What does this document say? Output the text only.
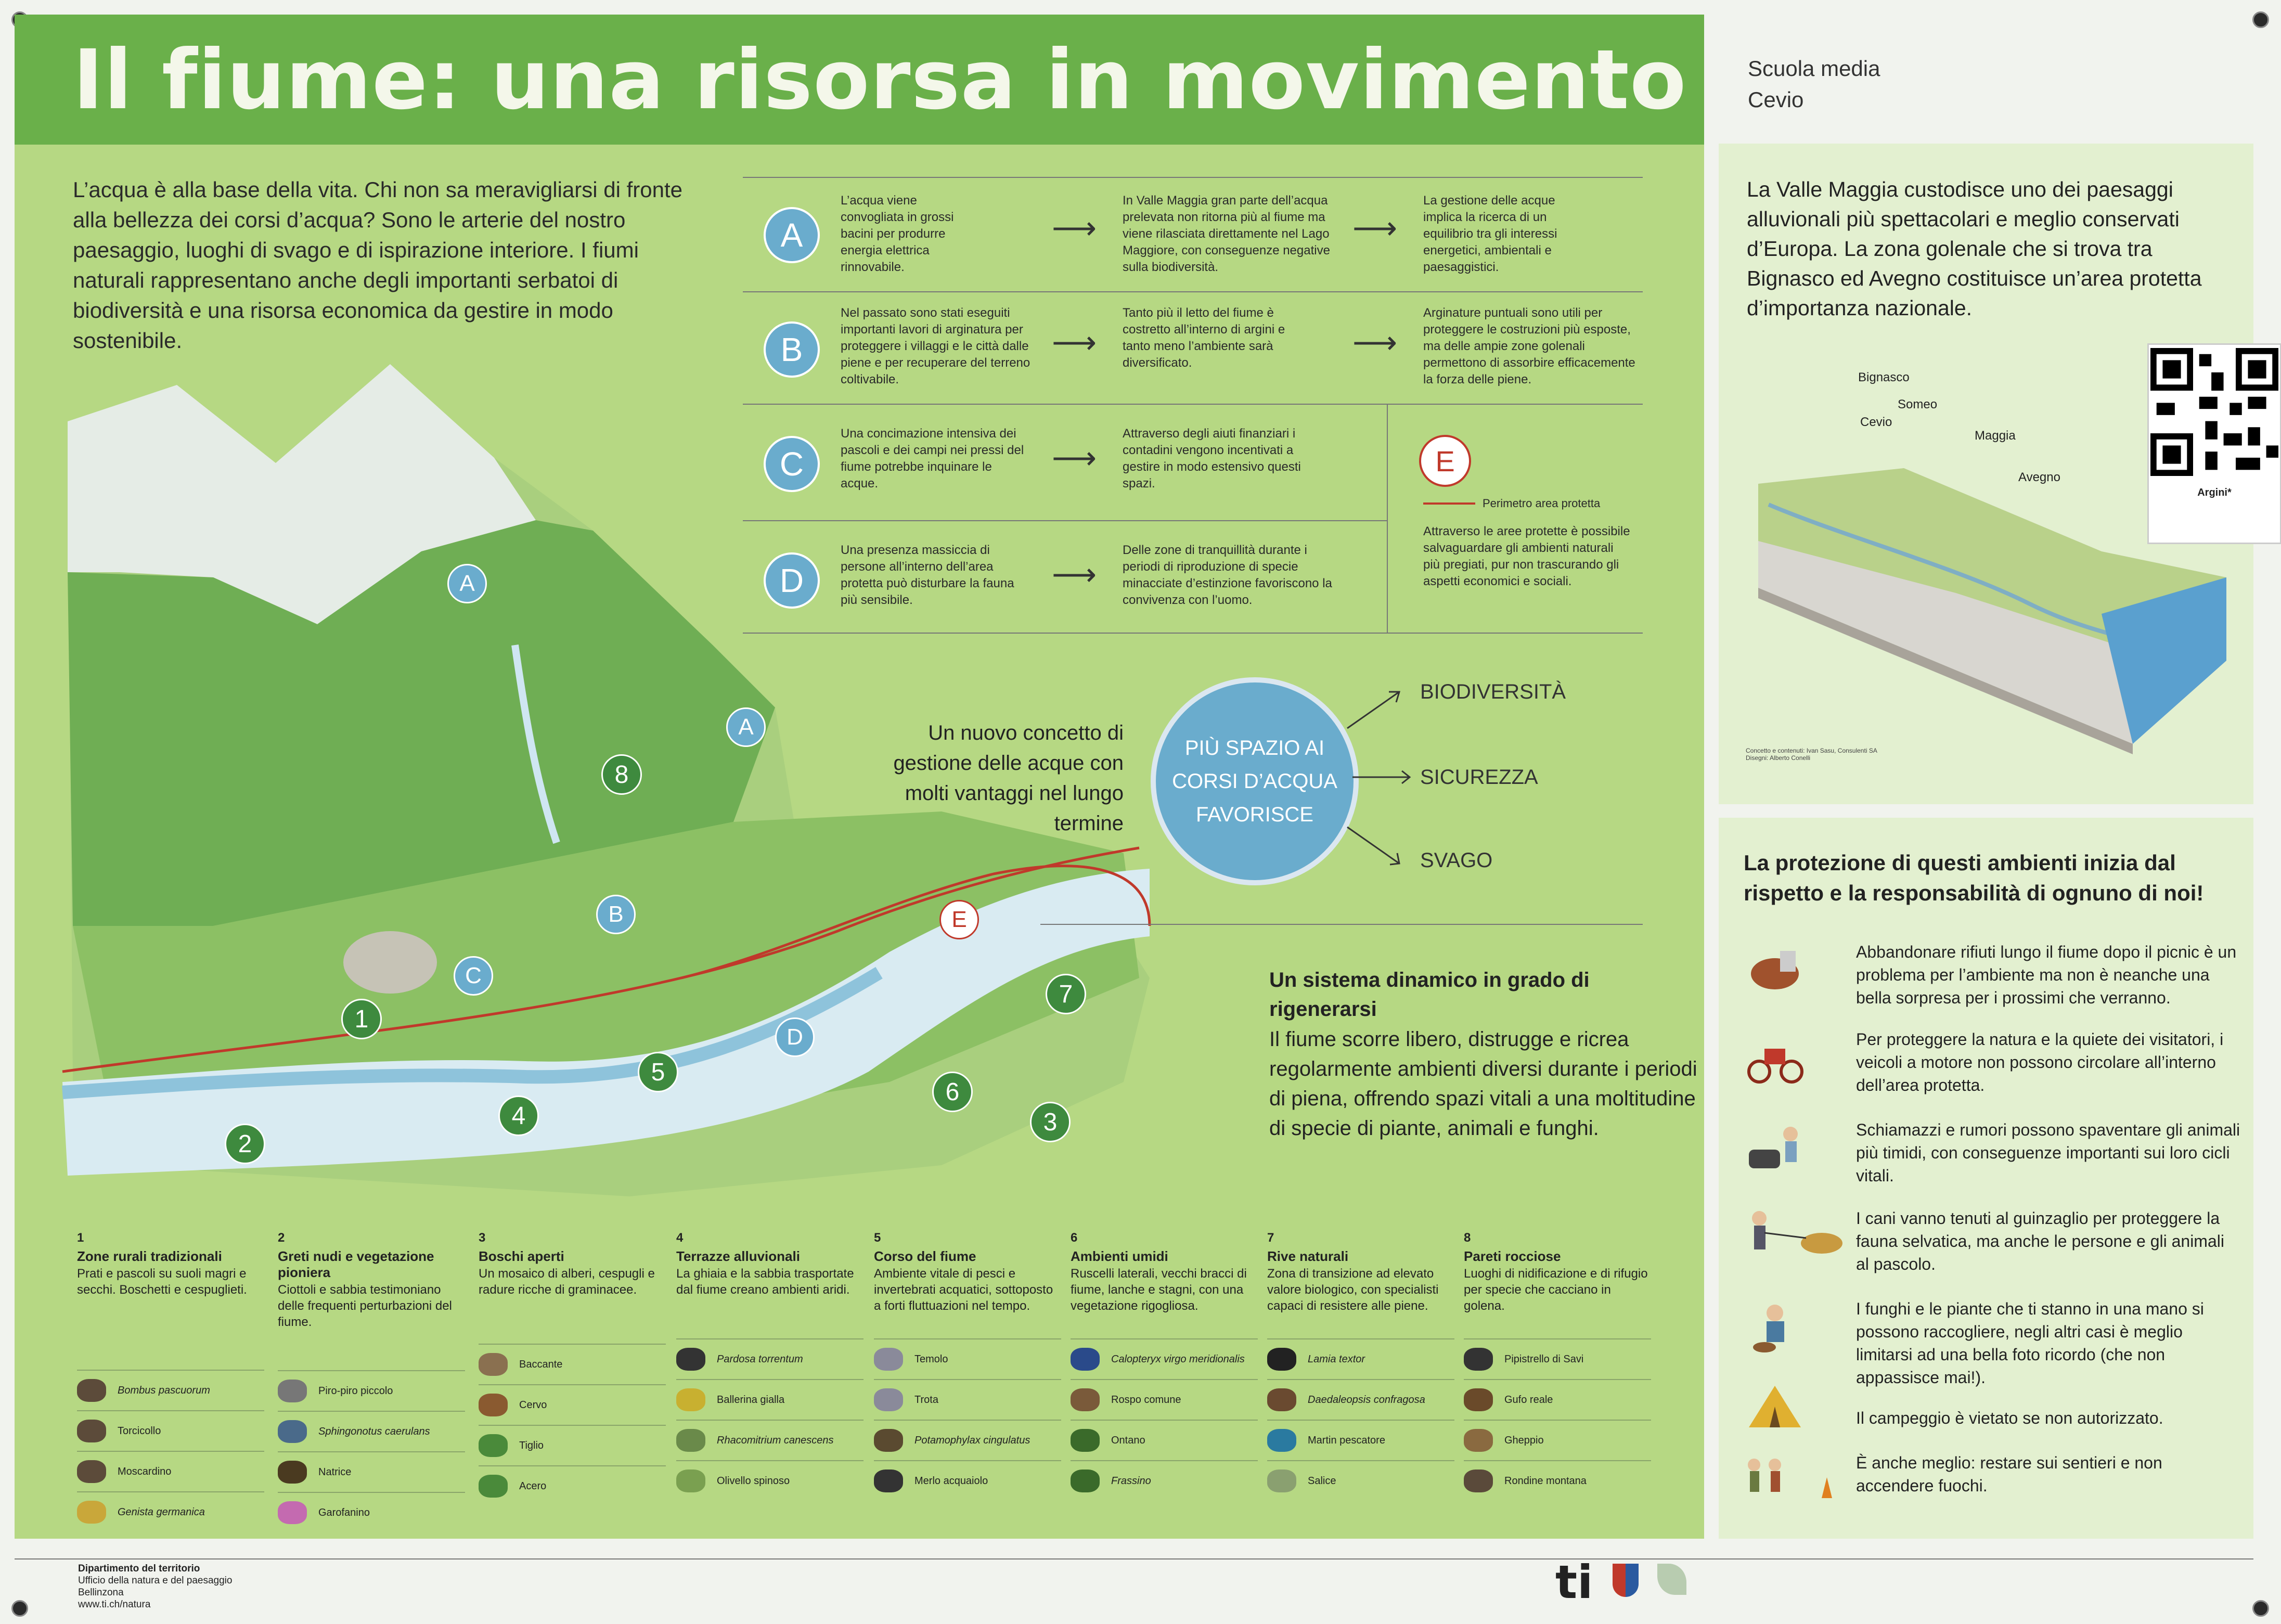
Il fiume: una risorsa in movimento	Scuola media
Cevio
L’acqua è alla base della vita. Chi non sa meravigliarsi di fronte alla bellezza dei corsi d’acqua? Sono le arterie del nostro paesaggio, luoghi di svago e di ispirazione interiore. I fiumi naturali rappresentano anche degli importanti serbatoi di biodiversità e una risorsa economica da gestire in modo sostenibile.
A
L’acqua viene convogliata in grossi bacini per produrre energia elettrica rinnovabile.
⟶
In Valle Maggia gran parte dell’acqua prelevata non ritorna più al fiume ma viene rilasciata direttamente nel Lago Maggiore, con conseguenze negative sulla biodiversità.
⟶
La gestione delle acque implica la ricerca di un equilibrio tra gli interessi energetici, ambientali e paesaggistici.
B
Nel passato sono stati eseguiti importanti lavori di arginatura per proteggere i villaggi e le città dalle piene e per recuperare del terreno coltivabile.
⟶
Tanto più il letto del fiume è costretto all’interno di argini e tanto meno l’ambiente sarà diversificato.
⟶
Arginature puntuali sono utili per proteggere le costruzioni più esposte, ma delle ampie zone golenali permettono di assorbire efficacemente la forza delle piene.
C
Una concimazione intensiva dei pascoli e dei campi nei pressi del fiume potrebbe inquinare le acque.
⟶
Attraverso degli aiuti finanziari i contadini vengono incentivati a gestire in modo estensivo questi spazi.
D
Una presenza massiccia di persone all’interno dell’area protetta può disturbare la fauna più sensibile.
⟶
Delle zone di tranquillità durante i periodi di riproduzione di specie minacciate d’estinzione favoriscono la convivenza con l’uomo.
E
Perimetro area protetta
Attraverso le aree protette è possibile salvaguardare gli ambienti naturali più pregiati, pur non trascurando gli aspetti economici e sociali.
A
A
B
C
D
E
1
2
3
4
5
6
7
8
Un nuovo concetto di gestione delle acque con molti vantaggi nel lungo termine
PIÙ SPAZIO AI CORSI D’ACQUA FAVORISCE
BIODIVERSITÀ
SICUREZZA
SVAGO
Un sistema dinamico in grado di rigenerarsi
Il fiume scorre libero, distrugge e ricrea regolarmente ambienti diversi durante i periodi di piena, offrendo spazi vitali a una moltitudine di specie di piante, animali e funghi.
1
Zone rurali tradizionali
Prati e pascoli su suoli magri e secchi. Boschetti e cespuglieti.
Bombus pascuorum
Torcicollo
Moscardino
Genista germanica
2
Greti nudi e vegetazione pioniera
Ciottoli e sabbia testimoniano delle frequenti perturbazioni del fiume.
Piro-piro piccolo
Sphingonotus caerulans
Natrice
Garofanino
3
Boschi aperti
Un mosaico di alberi, cespugli e radure ricche di graminacee.
Baccante
Cervo
Tiglio
Acero
4
Terrazze alluvionali
La ghiaia e la sabbia trasportate dal fiume creano ambienti aridi.
Pardosa torrentum
Ballerina gialla
Rhacomitrium canescens
Olivello spinoso
5
Corso del fiume
Ambiente vitale di pesci e invertebrati acquatici, sottoposto a forti fluttuazioni nel tempo.
Temolo
Trota
Potamophylax cingulatus
Merlo acquaiolo
6
Ambienti umidi
Ruscelli laterali, vecchi bracci di fiume, lanche e stagni, con una vegetazione rigogliosa.
Calopteryx virgo meridionalis
Rospo comune
Ontano
Frassino
7
Rive naturali
Zona di transizione ad elevato valore biologico, con specialisti capaci di resistere alle piene.
Lamia textor
Daedaleopsis confragosa
Martin pescatore
Salice
8
Pareti rocciose
Luoghi di nidificazione e di rifugio per specie che cacciano in golena.
Pipistrello di Savi
Gufo reale
Gheppio
Rondine montana
Dipartimento del territorio
Ufficio della natura e del paesaggio
Bellinzona
www.ti.ch/natura	ti
La Valle Maggia custodisce uno dei paesaggi alluvionali più spettacolari e meglio conservati d’Europa. La zona golenale che si trova tra Bignasco ed Avegno costituisce un’area protetta d’importanza nazionale.
Argini*
Bignasco
Cevio
Someo
Maggia
Avegno
Concetto e contenuti: Ivan Sasu, Consulenti SA
Disegni: Alberto Conelli
La protezione di questi ambienti inizia dal rispetto e la responsabilità di ognuno di noi!
Abbandonare rifiuti lungo il fiume dopo il picnic è un problema per l’ambiente ma non è neanche una bella sorpresa per i prossimi che verranno.
Per proteggere la natura e la quiete dei visitatori, i veicoli a motore non possono circolare all’interno dell’area protetta.
Schiamazzi e rumori possono spaventare gli animali più timidi, con conseguenze importanti sui loro cicli vitali.
I cani vanno tenuti al guinzaglio per proteggere la fauna selvatica, ma anche le persone e gli animali al pascolo.
I funghi e le piante che ti stanno in una mano si possono raccogliere, negli altri casi è meglio limitarsi ad una bella foto ricordo (che non appassisce mai!).
Il campeggio è vietato se non autorizzato.
È anche meglio: restare sui sentieri e non accendere fuochi.
